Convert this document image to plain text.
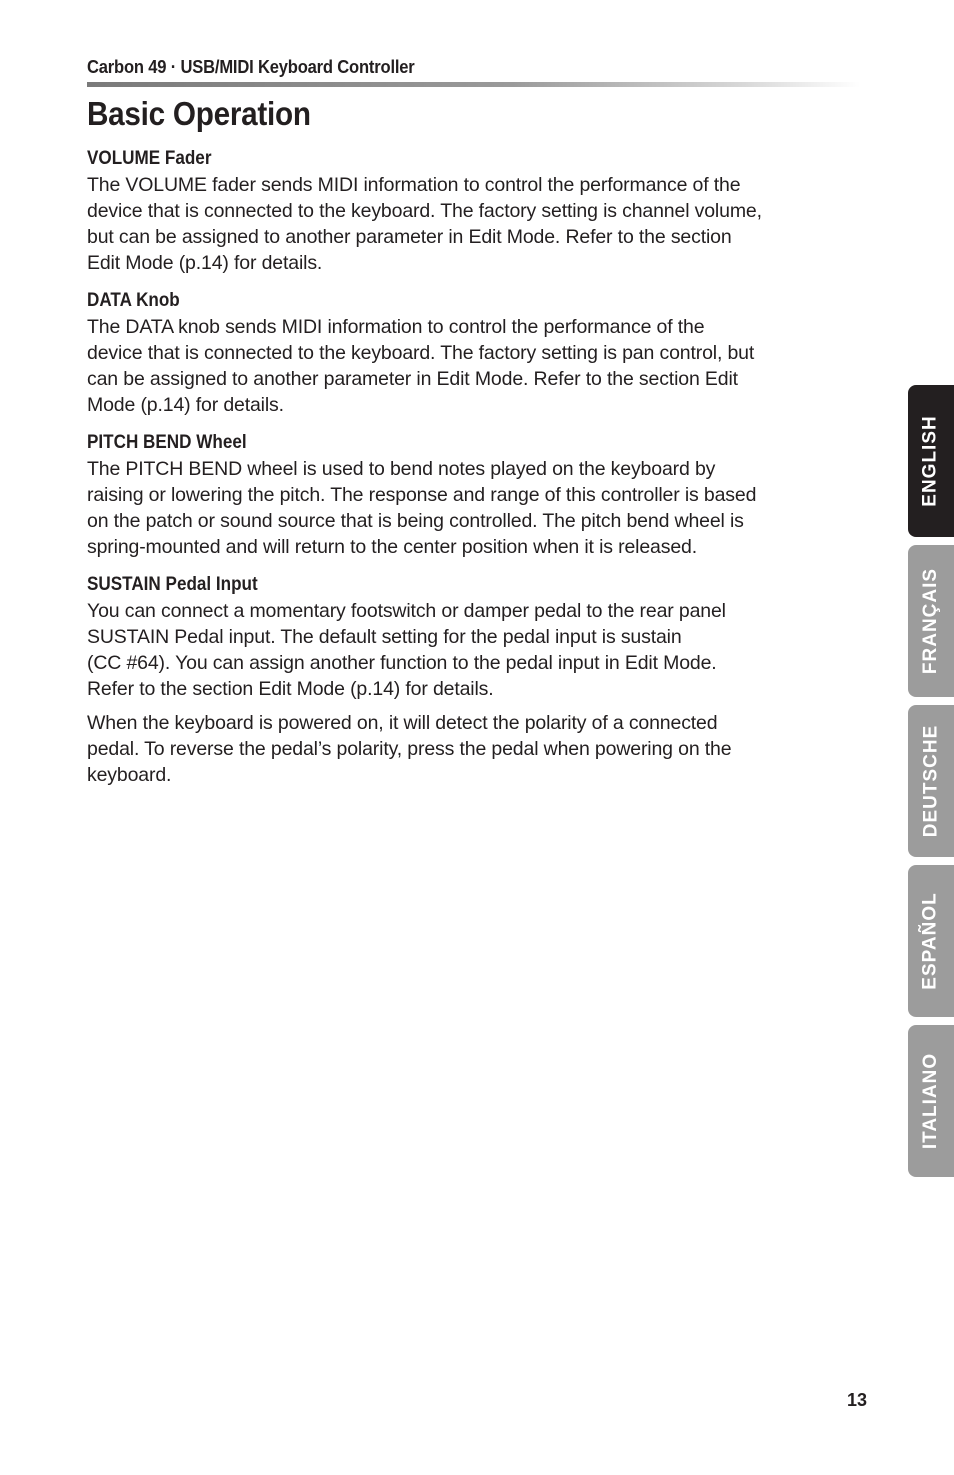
Carbon 49 · USB/MIDI Keyboard Controller
Basic Operation
VOLUME Fader

The VOLUME fader sends MIDI information to control the performance of the
device that is connected to the keyboard. The factory setting is channel volume,
but can be assigned to another parameter in Edit Mode. Refer to the section
Edit Mode (p.14) for details.

DATA Knob

The DATA knob sends MIDI information to control the performance of the
device that is connected to the keyboard. The factory setting is pan control, but
can be assigned to another parameter in Edit Mode. Refer to the section Edit
Mode (p.14) for details.

PITCH BEND Wheel

The PITCH BEND wheel is used to bend notes played on the keyboard by
raising or lowering the pitch. The response and range of this controller is based
on the patch or sound source that is being controlled. The pitch bend wheel is
spring-mounted and will return to the center position when it is released.

SUSTAIN Pedal Input

You can connect a momentary footswitch or damper pedal to the rear panel
SUSTAIN Pedal input. The default setting for the pedal input is sustain
(CC #64). You can assign another function to the pedal input in Edit Mode.
Refer to the section Edit Mode (p.14) for details.

When the keyboard is powered on, it will detect the polarity of a connected
pedal. To reverse the pedal’s polarity, press the pedal when powering on the
keyboard.

ENGLISH
FRANÇAIS
DEUTSCHE
ESPAÑOL
ITALIANO
13
